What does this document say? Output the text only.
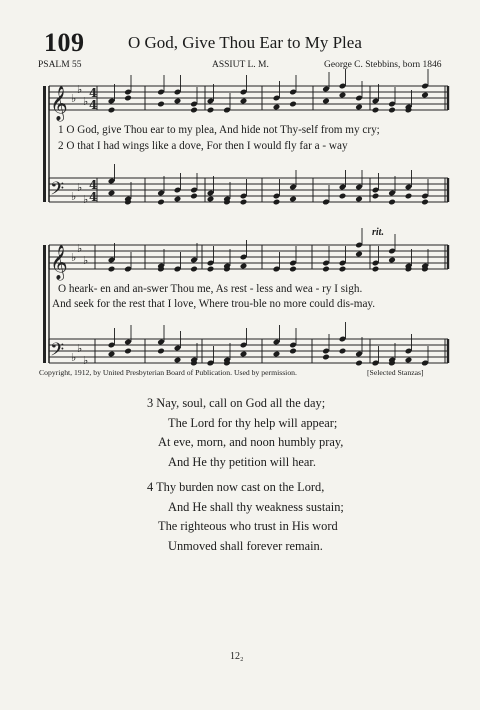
109	O God, Give Thou Ear to My Plea
PSALM 55	ASSIUT L. M.	George C. Stebbins, born 1846
𝄞 ♭
♭
♭
𝄢 ♭
♭
♭
𝄞 ♭
♭
♭
𝄢 ♭
♭
♭
4
4
4
4
1 O God, give Thou ear to my plea, And hide not Thy-self from my cry;
2 O that I had wings like a dove, For then I would fly far a - way
O heark- en and an-swer Thou me, As rest - less and wea - ry I sigh.
And seek for the rest that I love, Where trou-ble no more could dis-may.
rit.
Copyright, 1912, by United Presbyterian Board of Publication. Used by permission.	[Selected Stanzas]
3 Nay, soul, call on God all the day;
The Lord for thy help will appear;
At eve, morn, and noon humbly pray,
And He thy petition will hear.
4 Thy burden now cast on the Lord,
And He shall thy weakness sustain;
The righteous who trust in His word
Unmoved shall forever remain.
12₂
